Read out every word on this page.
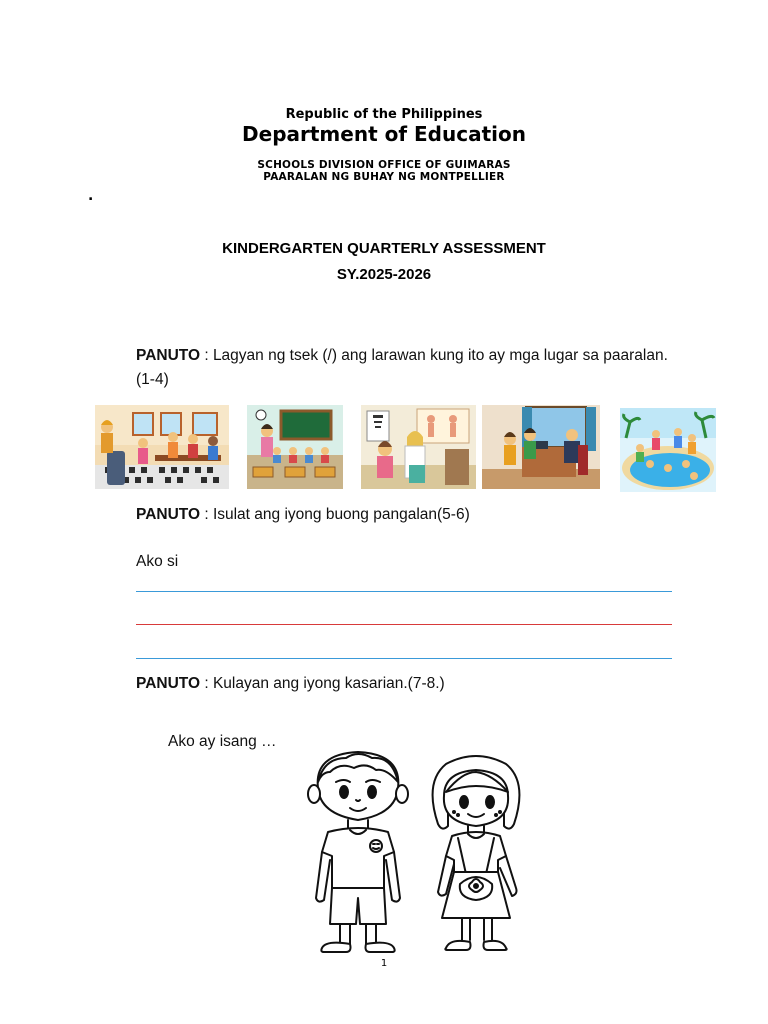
Republic of the Philippines
Department of Education
SCHOOLS DIVISION OFFICE OF GUIMARAS
PAARALAN NG BUHAY NG MONTPELLIER
.
KINDERGARTEN QUARTERLY ASSESSMENT
SY.2025-2026
PANUTO : Lagyan ng tsek (/) ang larawan kung ito ay mga lugar sa paaralan.(1-4)
PANUTO : Isulat ang iyong buong pangalan(5-6)
Ako si
PANUTO : Kulayan ang iyong kasarian.(7-8.)
Ako ay isang …
1
